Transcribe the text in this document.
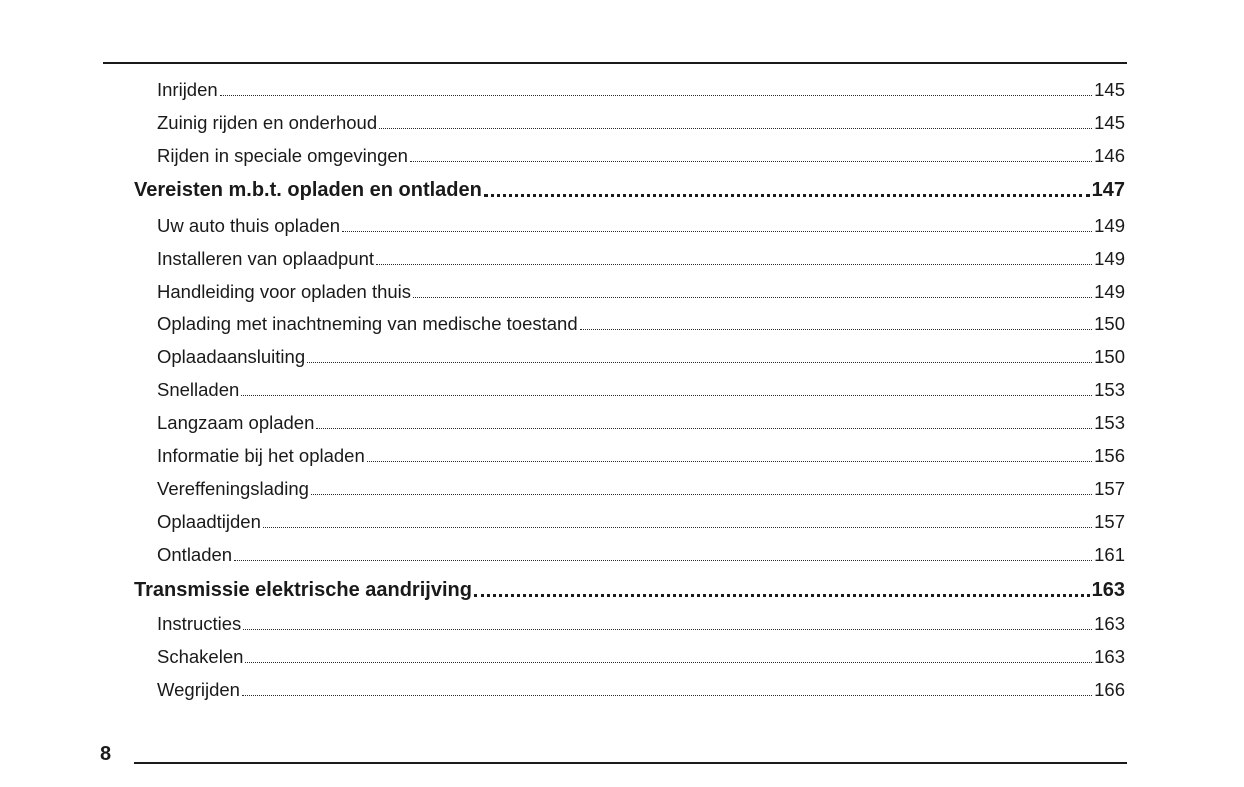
Inrijden	145
Zuinig rijden en onderhoud	145
Rijden in speciale omgevingen	146
Vereisten m.b.t. opladen en ontladen	147
Uw auto thuis opladen	149
Installeren van oplaadpunt	149
Handleiding voor opladen thuis	149
Oplading met inachtneming van medische toestand	150
Oplaadaansluiting	150
Snelladen	153
Langzaam opladen	153
Informatie bij het opladen	156
Vereffeningslading	157
Oplaadtijden	157
Ontladen	161
Transmissie elektrische aandrijving	163
Instructies	163
Schakelen	163
Wegrijden	166
8
